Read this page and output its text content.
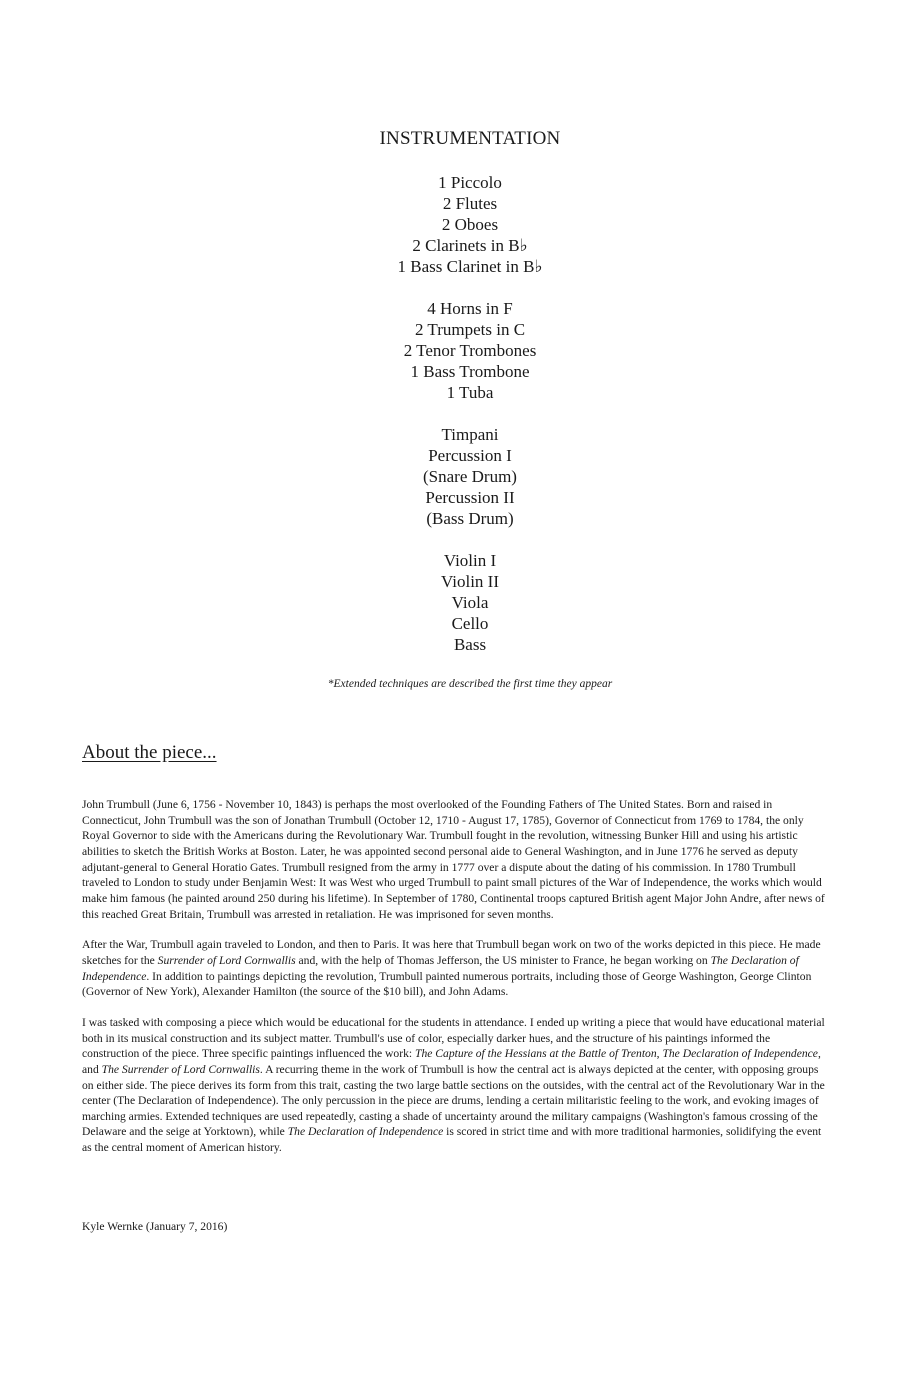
INSTRUMENTATION
1 Piccolo
2 Flutes
2 Oboes
2 Clarinets in B♭
1 Bass Clarinet in B♭
4 Horns in F
2 Trumpets in C
2 Tenor Trombones
1 Bass Trombone
1 Tuba
Timpani
Percussion I
(Snare Drum)
Percussion II
(Bass Drum)
Violin I
Violin II
Viola
Cello
Bass
*Extended techniques are described the first time they appear
About the piece...

John Trumbull (June 6, 1756 - November 10, 1843) is perhaps the most overlooked of the Founding Fathers of The United States. Born and raised in Connecticut, John Trumbull was the son of Jonathan Trumbull (October 12, 1710 - August 17, 1785), Governor of Connecticut from 1769 to 1784, the only Royal Governor to side with the Americans during the Revolutionary War. Trumbull fought in the revolution, witnessing Bunker Hill and using his artistic abilities to sketch the British Works at Boston. Later, he was appointed second personal aide to General Washington, and in June 1776 he served as deputy adjutant-general to General Horatio Gates. Trumbull resigned from the army in 1777 over a dispute about the dating of his commission. In 1780 Trumbull traveled to London to study under Benjamin West: It was West who urged Trumbull to paint small pictures of the War of Independence, the works which would make him famous (he painted around 250 during his lifetime). In September of 1780, Continental troops captured British agent Major John Andre, after news of this reached Great Britain, Trumbull was arrested in retaliation. He was imprisoned for seven months.

After the War, Trumbull again traveled to London, and then to Paris. It was here that Trumbull began work on two of the works depicted in this piece. He made sketches for the Surrender of Lord Cornwallis and, with the help of Thomas Jefferson, the US minister to France, he began working on The Declaration of Independence. In addition to paintings depicting the revolution, Trumbull painted numerous portraits, including those of George Washington, George Clinton (Governor of New York), Alexander Hamilton (the source of the $10 bill), and John Adams.

I was tasked with composing a piece which would be educational for the students in attendance. I ended up writing a piece that would have educational material both in its musical construction and its subject matter. Trumbull's use of color, especially darker hues, and the structure of his paintings informed the construction of the piece. Three specific paintings influenced the work: The Capture of the Hessians at the Battle of Trenton, The Declaration of Independence, and The Surrender of Lord Cornwallis. A recurring theme in the work of Trumbull is how the central act is always depicted at the center, with opposing groups on either side. The piece derives its form from this trait, casting the two large battle sections on the outsides, with the central act of the Revolutionary War in the center (The Declaration of Independence). The only percussion in the piece are drums, lending a certain militaristic feeling to the work, and evoking images of marching armies. Extended techniques are used repeatedly, casting a shade of uncertainty around the military campaigns (Washington's famous crossing of the Delaware and the seige at Yorktown), while The Declaration of Independence is scored in strict time and with more traditional harmonies, solidifying the event as the central moment of American history.

Kyle Wernke (January 7, 2016)
